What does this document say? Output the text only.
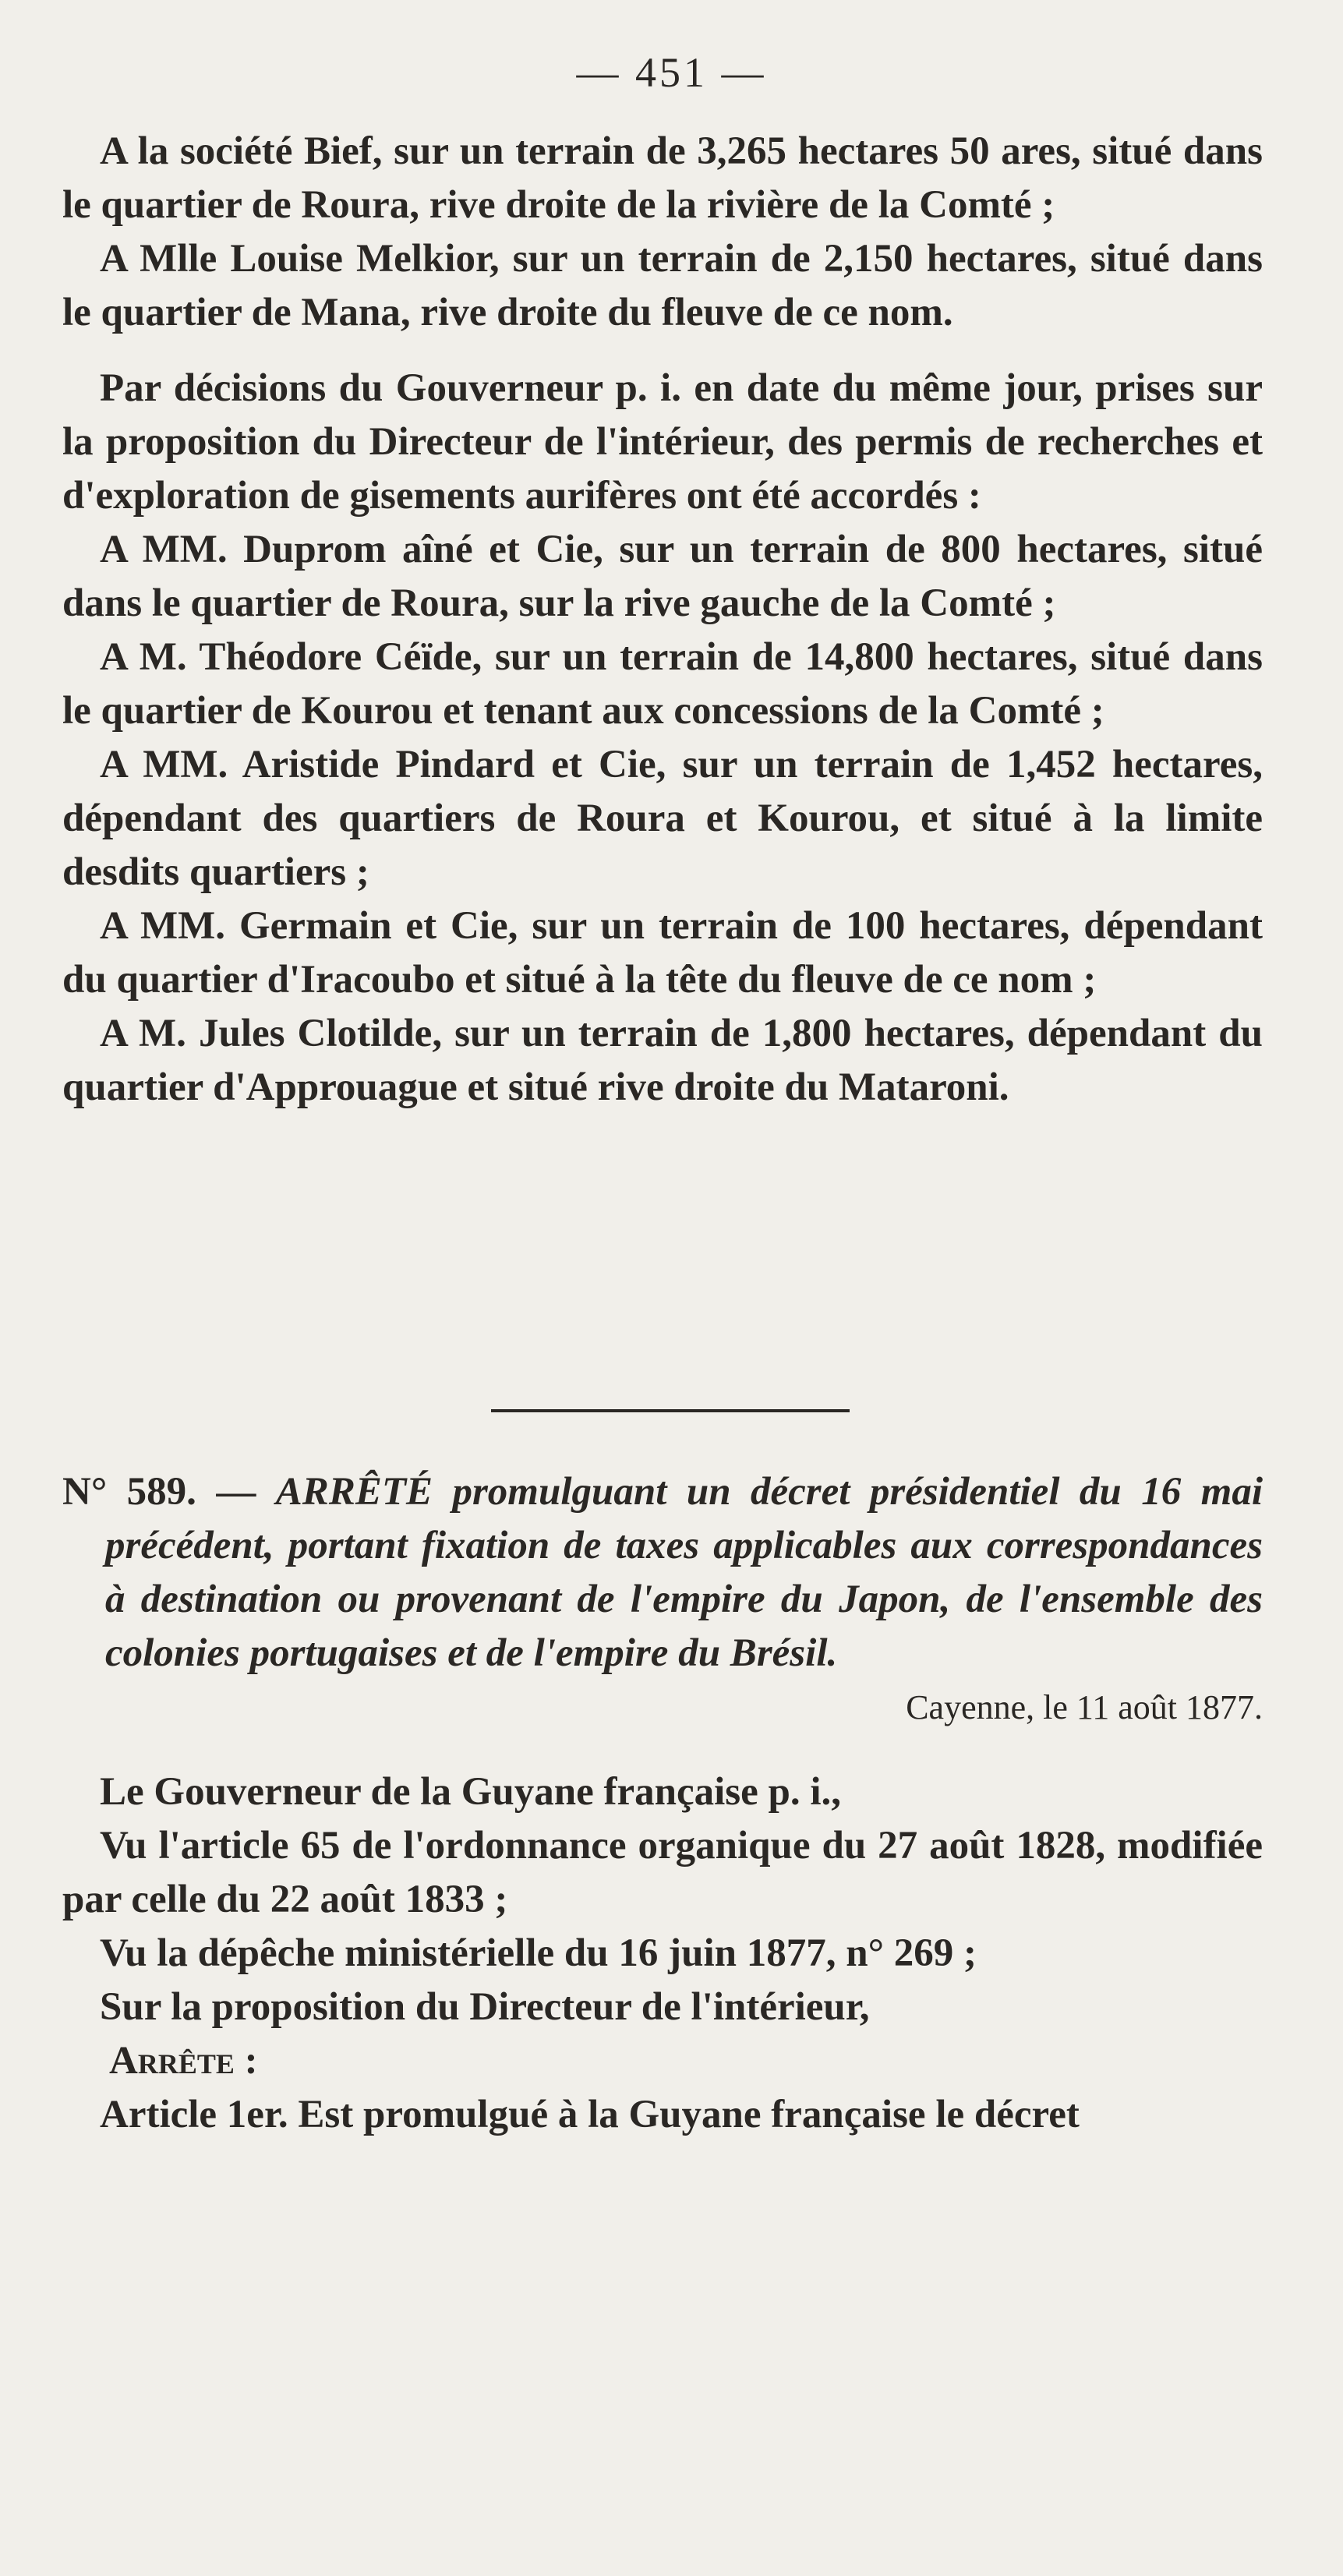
— 451 —

A la société Bief, sur un terrain de 3,265 hectares 50 ares, situé dans le quartier de Roura, rive droite de la rivière de la Comté ;

A Mlle Louise Melkior, sur un terrain de 2,150 hectares, situé dans le quartier de Mana, rive droite du fleuve de ce nom.

Par décisions du Gouverneur p. i. en date du même jour, prises sur la proposition du Directeur de l'intérieur, des permis de recherches et d'exploration de gisements aurifères ont été accordés :

A MM. Duprom aîné et Cie, sur un terrain de 800 hectares, situé dans le quartier de Roura, sur la rive gauche de la Comté ;

A M. Théodore Céïde, sur un terrain de 14,800 hectares, situé dans le quartier de Kourou et tenant aux concessions de la Comté ;

A MM. Aristide Pindard et Cie, sur un terrain de 1,452 hectares, dépendant des quartiers de Roura et Kourou, et situé à la limite desdits quartiers ;

A MM. Germain et Cie, sur un terrain de 100 hectares, dépendant du quartier d'Iracoubo et situé à la tête du fleuve de ce nom ;

A M. Jules Clotilde, sur un terrain de 1,800 hectares, dépendant du quartier d'Approuague et situé rive droite du Mataroni.

N° 589. — ARRÊTÉ promulguant un décret présidentiel du 16 mai précédent, portant fixation de taxes applicables aux correspondances à destination ou provenant de l'empire du Japon, de l'ensemble des colonies portugaises et de l'empire du Brésil.

Cayenne, le 11 août 1877.

Le Gouverneur de la Guyane française p. i.,

Vu l'article 65 de l'ordonnance organique du 27 août 1828, modifiée par celle du 22 août 1833 ;

Vu la dépêche ministérielle du 16 juin 1877, n° 269 ;

Sur la proposition du Directeur de l'intérieur,

Arrête :

Article 1er. Est promulgué à la Guyane française le décret
